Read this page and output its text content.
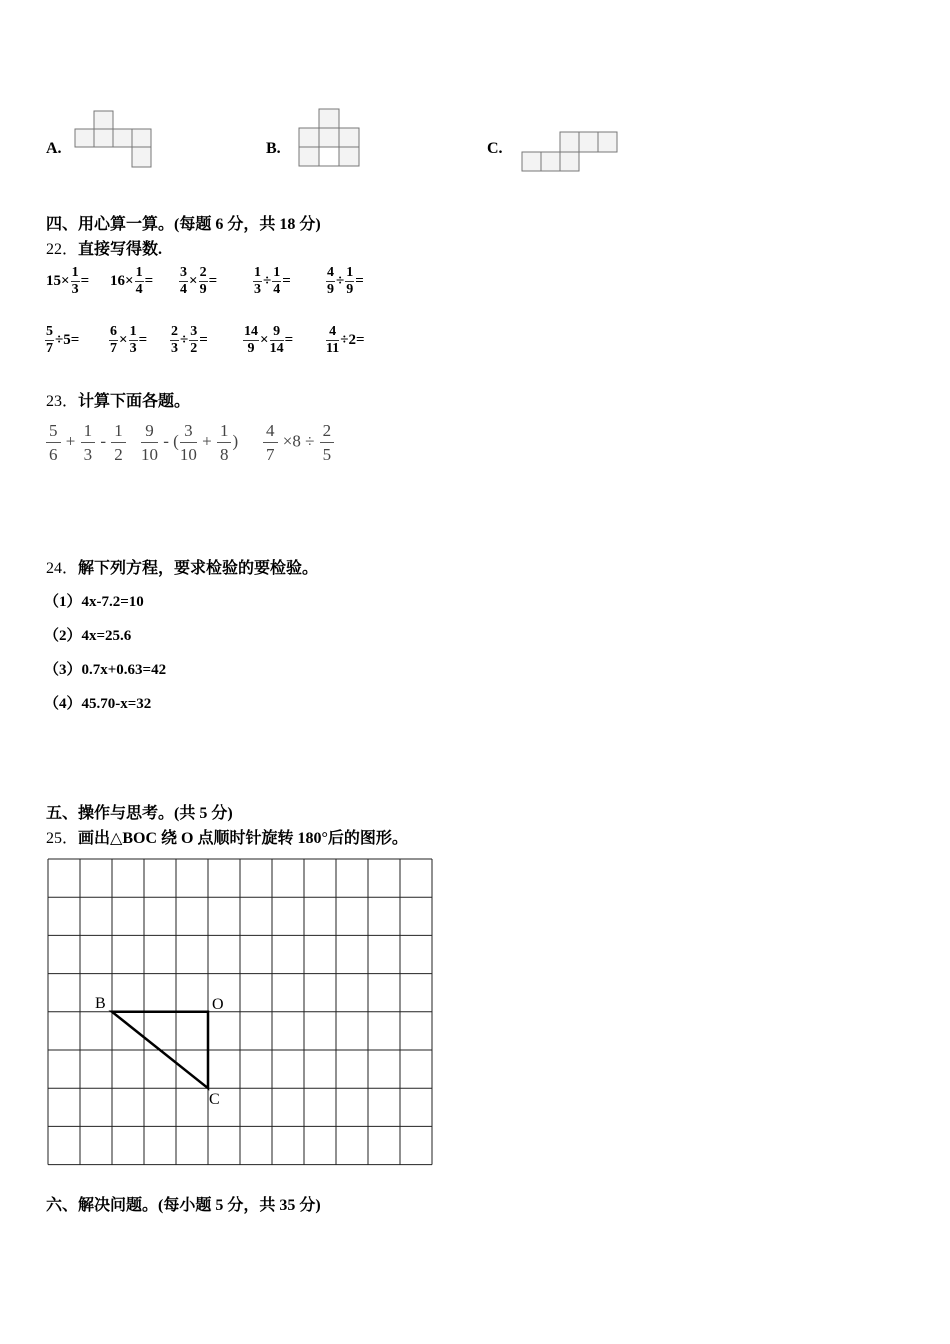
A.	B.	C.
四、用心算一算。(每题 6 分，共 18 分)
22．直接写得数.
$15\times \frac{1}{3} = 16\times \frac{1}{4} = \frac{3}{4} \times \frac{2}{9}$ =	$\frac{1}{3} \div \frac{1}{4}$ =	$\frac{4}{9} \div \frac{1}{9}$ =
$\frac{5}{7} \div 5= \frac{6}{7} \times \frac{1}{3} = \frac{2}{3} \div \frac{3}{2}$ =	$\frac{14}{9} \times \frac{9}{14} = \frac{4}{11} \div 2=$
23．计算下面各题。
$\frac{5}{6} + \frac{1}{3} - \frac{1}{2} \frac{9}{10}$ - ( $\frac{3}{10} + \frac{1}{8}$ ) $\frac{4}{7} \times 8 \div \frac{2}{5}$
24．解下列方程，要求检验的要检验。
（1）4x-7.2=10
（2）4x=25.6
（3）0.7x+0.63=42
（4）45.70-x=32
五、操作与思考。(共 5 分)
25．画出△BOC 绕 O 点顺时针旋转 180°后的图形。
B	O
C
六、解决问题。(每小题 5 分，共 35 分)
